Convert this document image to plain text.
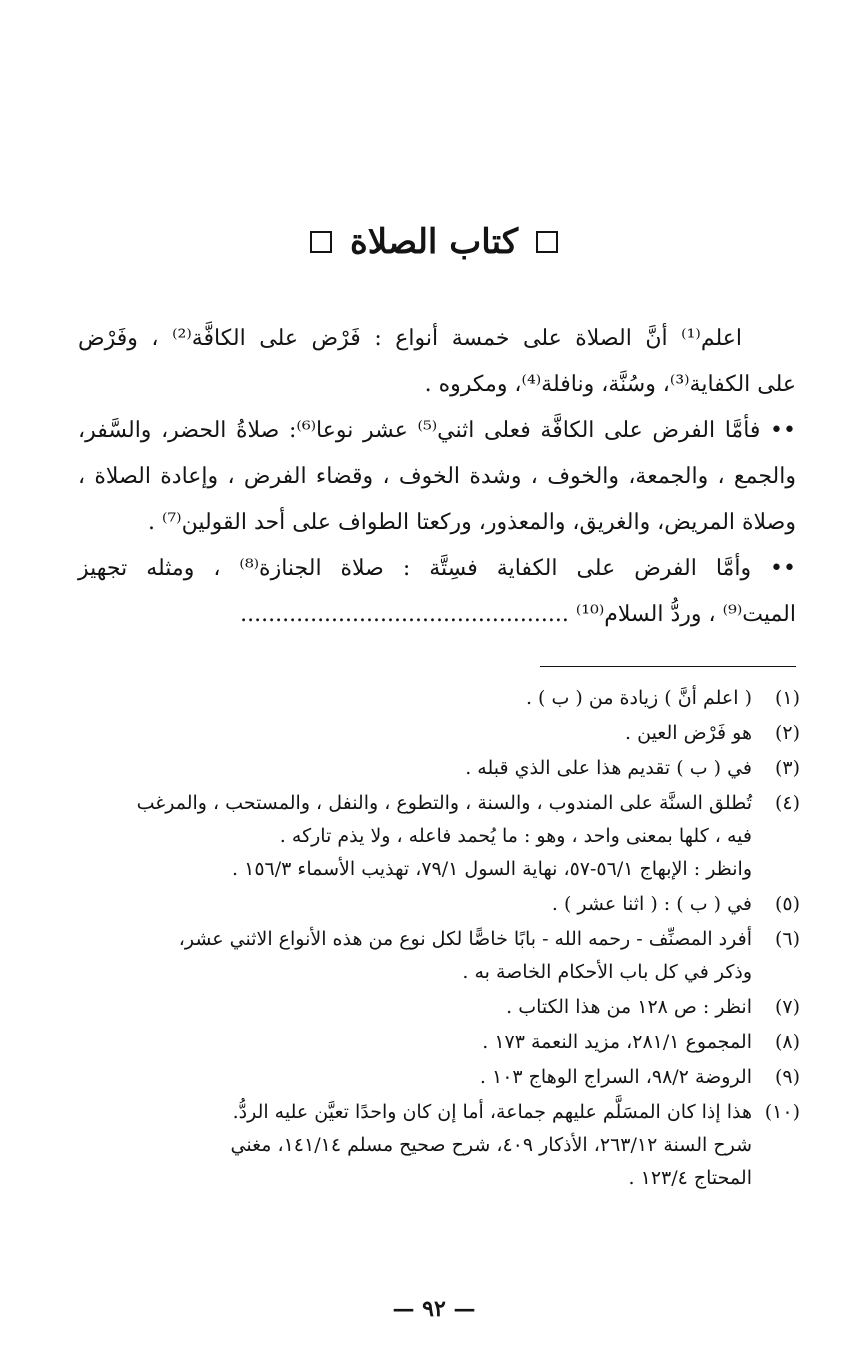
كتاب الصلاة

اعلم⁽¹⁾ أنَّ الصلاة على خمسة أنواع : فَرْض على الكافَّة⁽²⁾ ، وفَرْض
على الكفاية⁽³⁾، وسُنَّة، ونافلة⁽⁴⁾، ومكروه .

•• فأمَّا الفرض على الكافَّة فعلى اثني⁽⁵⁾ عشر نوعا⁽⁶⁾: صلاةُ الحضر، والسَّفر،
والجمع ، والجمعة، والخوف ، وشدة الخوف ، وقضاء الفرض ، وإعادة الصلاة ،
وصلاة المريض، والغريق، والمعذور، وركعتا الطواف على أحد القولين⁽⁷⁾ .

•• وأمَّا الفرض على الكفاية فسِتَّة : صلاة الجنازة⁽⁸⁾ ، ومثله تجهيز
الميت⁽⁹⁾ ، وردُّ السلام⁽¹⁰⁾ ...............................................

(١)
( اعلم أنَّ ) زيادة من ( ب ) .
(٢)
هو فَرْض العين .
(٣)
في ( ب ) تقديم هذا على الذي قبله .
(٤)
تُطلق السنَّة على المندوب ، والسنة ، والتطوع ، والنفل ، والمستحب ، والمرغب
فيه ، كلها بمعنى واحد ، وهو : ما يُحمد فاعله ، ولا يذم تاركه .
وانظر : الإبهاج ٥٦/١-٥٧، نهاية السول ٧٩/١، تهذيب الأسماء ١٥٦/٣ .
(٥)
في ( ب ) : ( اثنا عشر ) .
(٦)
أفرد المصنِّف - رحمه الله - بابًا خاصًّا لكل نوع من هذه الأنواع الاثني عشر،
وذكر في كل باب الأحكام الخاصة به .
(٧)
انظر : ص ١٢٨ من هذا الكتاب .
(٨)
المجموع ٢٨١/١، مزيد النعمة ١٧٣ .
(٩)
الروضة ٩٨/٢، السراج الوهاج ١٠٣ .
(١٠)
هذا إذا كان المسَلَّم عليهم جماعة، أما إن كان واحدًا تعيَّن عليه الردُّ.
شرح السنة ٢٦٣/١٢، الأذكار ٤٠٩، شرح صحيح مسلم ١٤١/١٤، مغني
المحتاج ١٢٣/٤ .
— ٩٢ —
